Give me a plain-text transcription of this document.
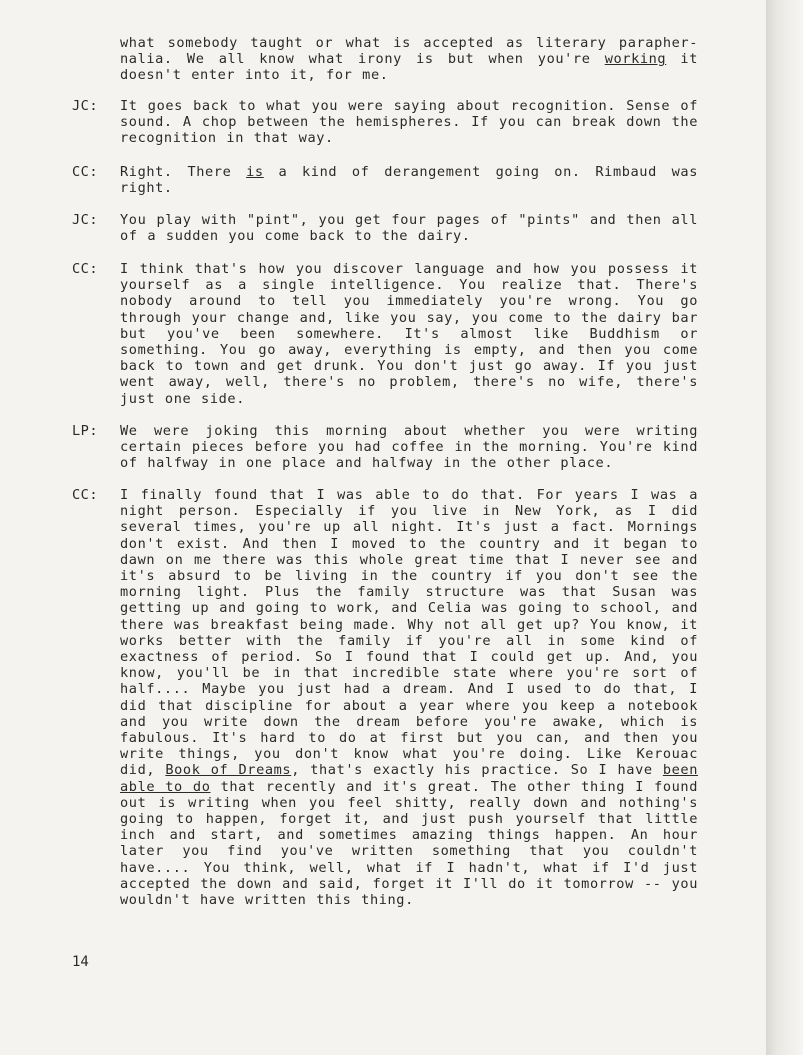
what somebody taught or what is accepted as literary parapher-nalia. We all know what irony is but when you're working it doesn't enter into it, for me.
JC:	It goes back to what you were saying about recognition. Sense of sound. A chop between the hemispheres. If you can break down the recognition in that way.
CC:	Right. There is a kind of derangement going on. Rimbaud was right.
JC:	You play with "pint", you get four pages of "pints" and then all of a sudden you come back to the dairy.
CC:	I think that's how you discover language and how you possess it yourself as a single intelligence. You realize that. There's nobody around to tell you immediately you're wrong. You go through your change and, like you say, you come to the dairy bar but you've been somewhere. It's almost like Buddhism or something. You go away, everything is empty, and then you come back to town and get drunk. You don't just go away. If you just went away, well, there's no problem, there's no wife, there's just one side.
LP:	We were joking this morning about whether you were writing certain pieces before you had coffee in the morning. You're kind of halfway in one place and halfway in the other place.
CC:	I finally found that I was able to do that. For years I was a night person. Especially if you live in New York, as I did several times, you're up all night. It's just a fact. Mornings don't exist. And then I moved to the country and it began to dawn on me there was this whole great time that I never see and it's absurd to be living in the country if you don't see the morning light. Plus the family structure was that Susan was getting up and going to work, and Celia was going to school, and there was breakfast being made. Why not all get up? You know, it works better with the family if you're all in some kind of exactness of period. So I found that I could get up. And, you know, you'll be in that incredible state where you're sort of half.... Maybe you just had a dream. And I used to do that, I did that discipline for about a year where you keep a notebook and you write down the dream before you're awake, which is fabulous. It's hard to do at first but you can, and then you write things, you don't know what you're doing. Like Kerouac did, Book of Dreams, that's exactly his practice. So I have been able to do that recently and it's great. The other thing I found out is writing when you feel shitty, really down and nothing's going to happen, forget it, and just push yourself that little inch and start, and sometimes amazing things happen. An hour later you find you've written something that you couldn't have.... You think, well, what if I hadn't, what if I'd just accepted the down and said, forget it I'll do it tomorrow -- you wouldn't have written this thing.
14
